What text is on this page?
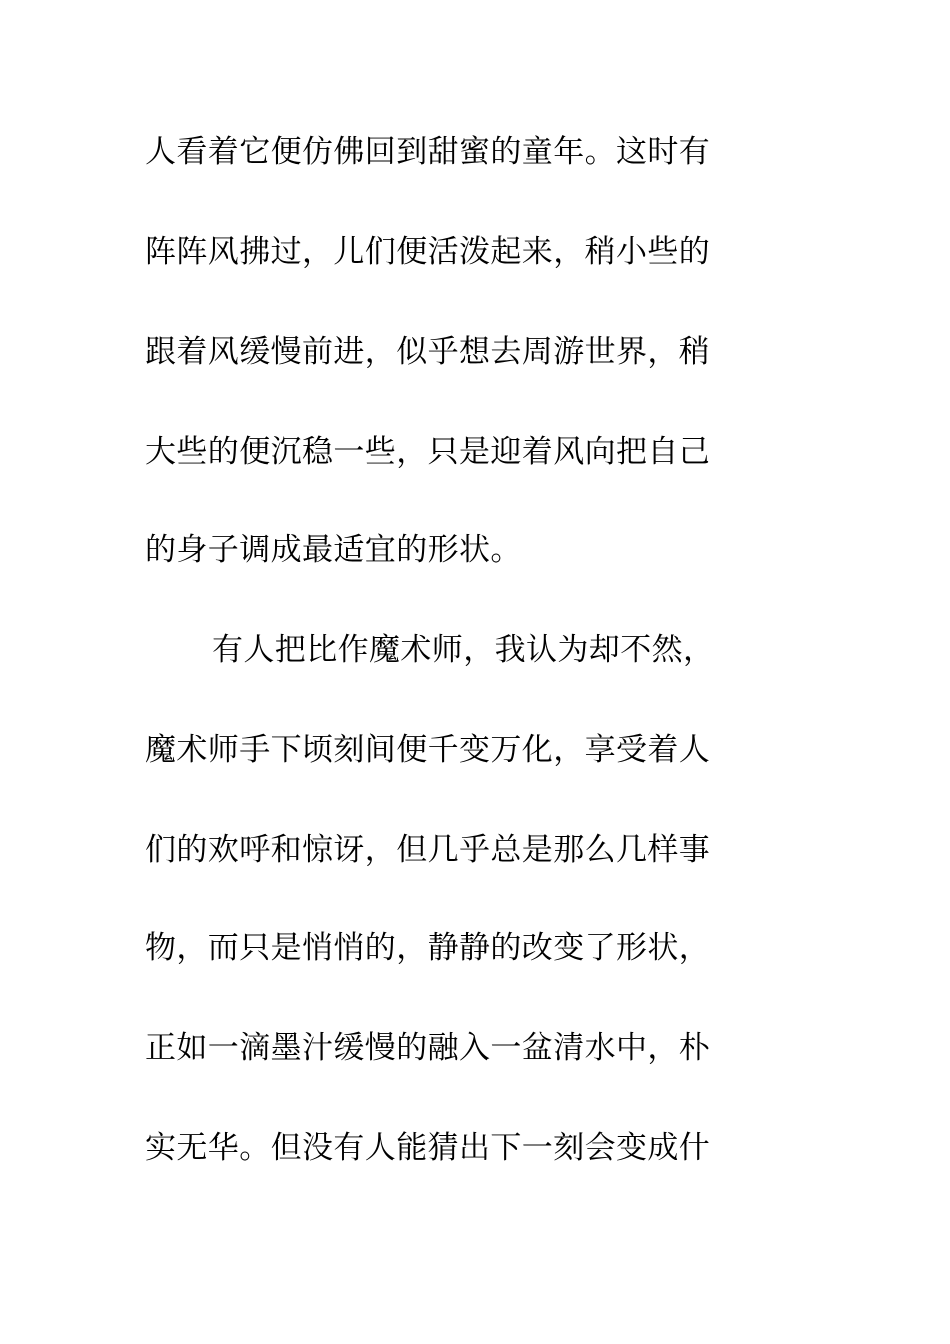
人看着它便仿佛回到甜蜜的童年。这时有
阵阵风拂过，儿们便活泼起来，稍小些的
跟着风缓慢前进，似乎想去周游世界，稍
大些的便沉稳一些，只是迎着风向把自己
的身子调成最适宜的形状。
有人把比作魔术师，我认为却不然，
魔术师手下顷刻间便千变万化，享受着人
们的欢呼和惊讶，但几乎总是那么几样事
物，而只是悄悄的，静静的改变了形状，
正如一滴墨汁缓慢的融入一盆清水中，朴
实无华。但没有人能猜出下一刻会变成什
